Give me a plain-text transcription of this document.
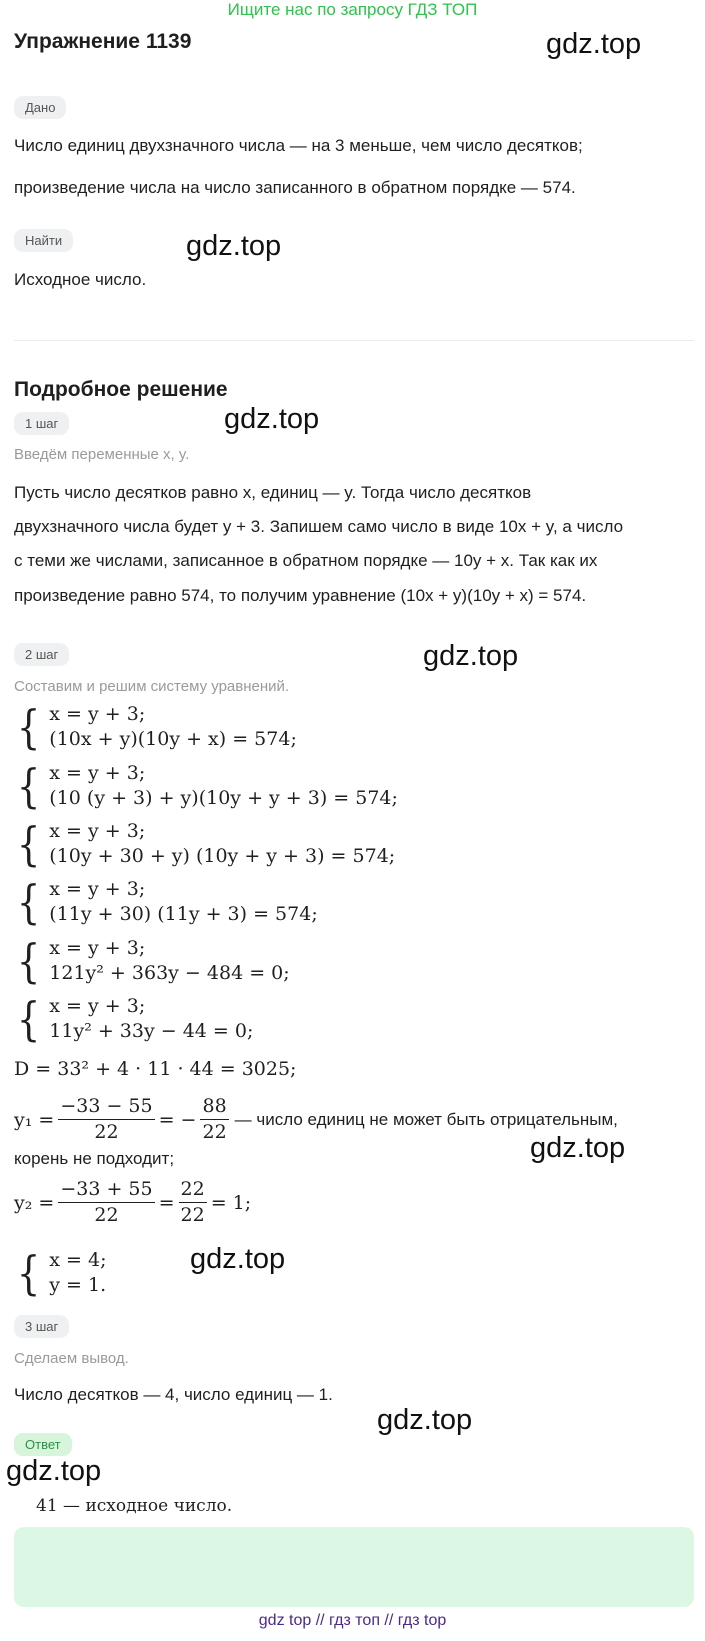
Ищите нас по запросу ГДЗ ТОП
Упражнение 1139	gdz.top
Дано
Число единиц двухзначного числа — на 3 меньше, чем число десятков;
произведение числа на число записанного в обратном порядке — 574.
Найти	gdz.top
Исходное число.
Подробное решение
1 шаг	gdz.top
Введём переменные x, y.
Пусть число десятков равно x, единиц — y. Тогда число десятков
двухзначного числа будет y + 3. Запишем само число в виде 10x + y, а число
с теми же числами, записанное в обратном порядке — 10y + x. Так как их
произведение равно 574, то получим уравнение (10x + y)(10y + x) = 574.
2 шаг	gdz.top
Составим и решим систему уравнений.
{ x = y + 3;
(10x + y)(10y + x) = 574;
{ x = y + 3;
(10 (y + 3) + y)(10y + y + 3) = 574;
{ x = y + 3;
(10y + 30 + y) (10y + y + 3) = 574;
{ x = y + 3;
(11y + 30) (11y + 3) = 574;
{ x = y + 3;
121y² + 363y − 484 = 0;
{ x = y + 3;
11y² + 33y − 44 = 0;
D = 33² + 4 · 11 · 44 = 3025;
$y_1 = \frac{-33 - 55}{22}$ = − $\frac{88}{22}$ — число единиц не может быть отрицательным,
корень не подходит;	gdz.top
$y_2 = \frac{-33 + 55}{22} = \frac{22}{22} = 1$;
{ x = 4;
y = 1.
gdz.top
3 шаг
Сделаем вывод.
Число десятков — 4, число единиц — 1.
gdz.top
Ответ
gdz.top
41 — исходное число.
gdz top // гдз топ // гдз top
